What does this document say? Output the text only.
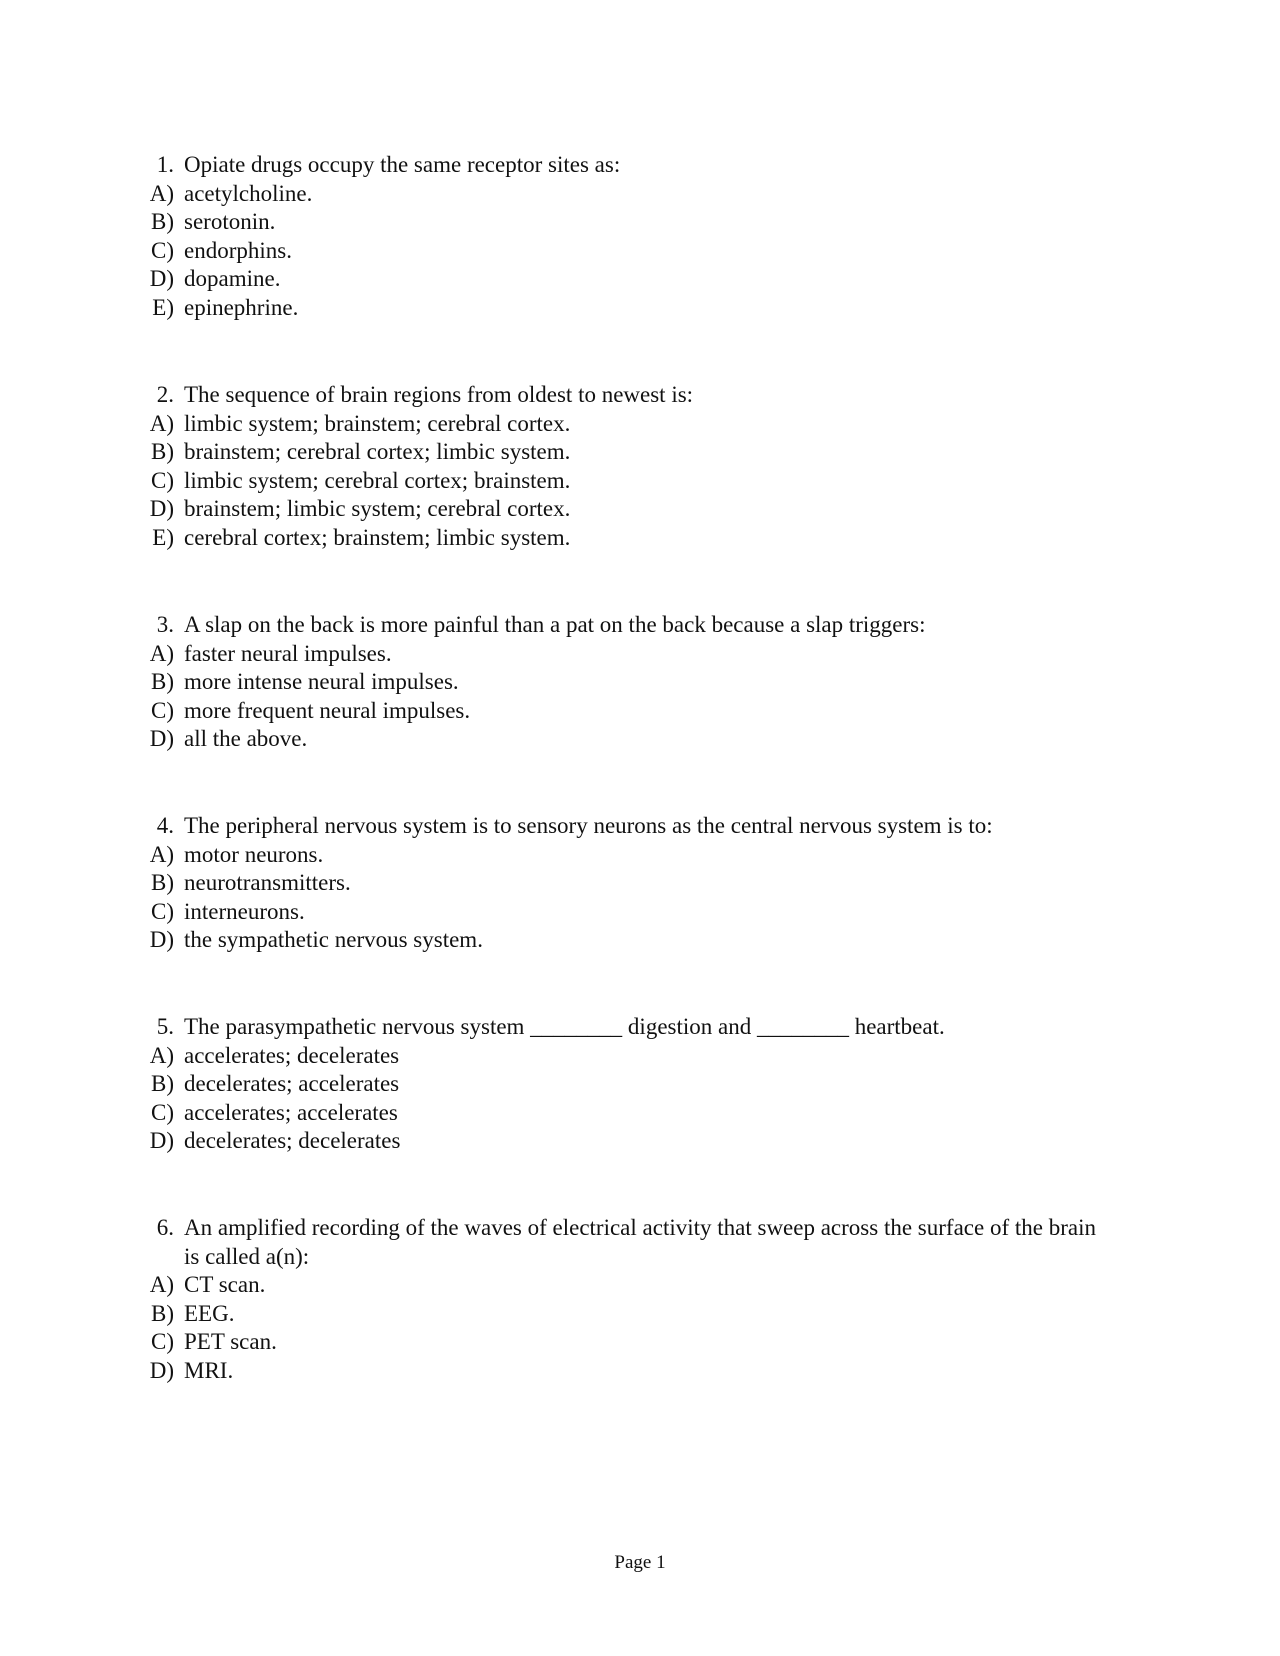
1. Opiate drugs occupy the same receptor sites as:
A) acetylcholine.
B) serotonin.
C) endorphins.
D) dopamine.
E) epinephrine.
2. The sequence of brain regions from oldest to newest is:
A) limbic system; brainstem; cerebral cortex.
B) brainstem; cerebral cortex; limbic system.
C) limbic system; cerebral cortex; brainstem.
D) brainstem; limbic system; cerebral cortex.
E) cerebral cortex; brainstem; limbic system.
3. A slap on the back is more painful than a pat on the back because a slap triggers:
A) faster neural impulses.
B) more intense neural impulses.
C) more frequent neural impulses.
D) all the above.
4. The peripheral nervous system is to sensory neurons as the central nervous system is to:
A) motor neurons.
B) neurotransmitters.
C) interneurons.
D) the sympathetic nervous system.
5. The parasympathetic nervous system ________ digestion and ________ heartbeat.
A) accelerates; decelerates
B) decelerates; accelerates
C) accelerates; accelerates
D) decelerates; decelerates
6. An amplified recording of the waves of electrical activity that sweep across the surface of the brain is called a(n):
A) CT scan.
B) EEG.
C) PET scan.
D) MRI.
Page 1
